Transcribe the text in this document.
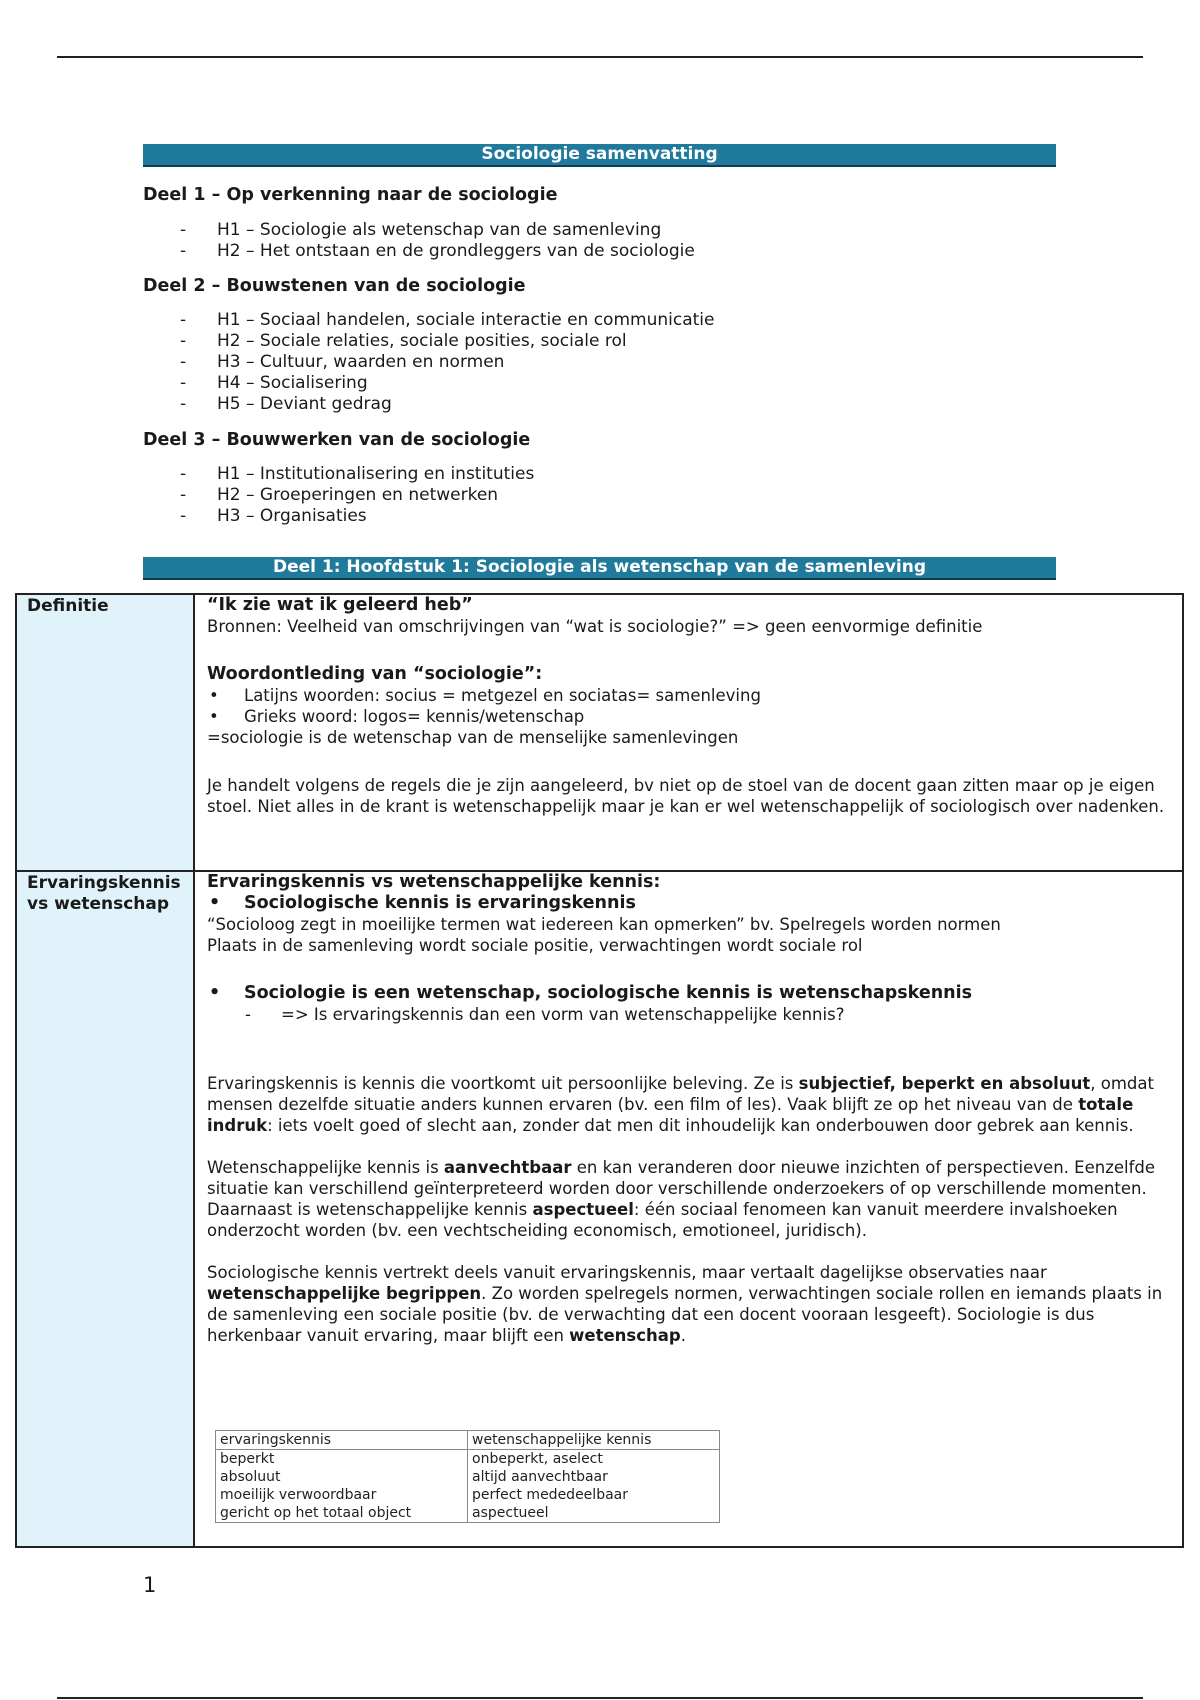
Sociologie samenvatting

Deel 1 – Op verkenning naar de sociologie

- H1 – Sociologie als wetenschap van de samenleving
- H2 – Het ontstaan en de grondleggers van de sociologie

Deel 2 – Bouwstenen van de sociologie

- H1 – Sociaal handelen, sociale interactie en communicatie
- H2 – Sociale relaties, sociale posities, sociale rol
- H3 – Cultuur, waarden en normen
- H4 – Socialisering
- H5 – Deviant gedrag

Deel 3 – Bouwwerken van de sociologie

- H1 – Institutionalisering en instituties
- H2 – Groeperingen en netwerken
- H3 – Organisaties
Deel 1: Hoofdstuk 1: Sociologie als wetenschap van de samenleving
Definitie	“Ik zie wat ik geleerd heb”

Bronnen: Veelheid van omschrijvingen van “wat is sociologie?” => geen eenvormige definitie

Woordontleding van “sociologie”:

• Latijns woorden: socius = metgezel en sociatas= samenleving
• Grieks woord: logos= kennis/wetenschap

=sociologie is de wetenschap van de menselijke samenlevingen

Je handelt volgens de regels die je zijn aangeleerd, bv niet op de stoel van de docent gaan zitten maar op je eigen stoel. Niet alles in de krant is wetenschappelijk maar je kan er wel wetenschappelijk of sociologisch over nadenken.

Ervaringskennis vs wetenschap

Ervaringskennis vs wetenschappelijke kennis:

• Sociologische kennis is ervaringskennis

“Socioloog zegt in moeilijke termen wat iedereen kan opmerken” bv. Spelregels worden normen

Plaats in de samenleving wordt sociale positie, verwachtingen wordt sociale rol

• Sociologie is een wetenschap, sociologische kennis is wetenschapskennis
- => Is ervaringskennis dan een vorm van wetenschappelijke kennis?

Ervaringskennis is kennis die voortkomt uit persoonlijke beleving. Ze is subjectief, beperkt en absoluut, omdat mensen dezelfde situatie anders kunnen ervaren (bv. een film of les). Vaak blijft ze op het niveau van de totale indruk: iets voelt goed of slecht aan, zonder dat men dit inhoudelijk kan onderbouwen door gebrek aan kennis.

Wetenschappelijke kennis is aanvechtbaar en kan veranderen door nieuwe inzichten of perspectieven. Eenzelfde situatie kan verschillend geïnterpreteerd worden door verschillende onderzoekers of op verschillende momenten. Daarnaast is wetenschappelijke kennis aspectueel: één sociaal fenomeen kan vanuit meerdere invalshoeken onderzocht worden (bv. een vechtscheiding economisch, emotioneel, juridisch).

Sociologische kennis vertrekt deels vanuit ervaringskennis, maar vertaalt dagelijkse observaties naar wetenschappelijke begrippen. Zo worden spelregels normen, verwachtingen sociale rollen en iemands plaats in de samenleving een sociale positie (bv. de verwachting dat een docent vooraan lesgeeft). Sociologie is dus herkenbaar vanuit ervaring, maar blijft een wetenschap.

ervaringskennis	wetenschappelijke kennis
beperkt	onbeperkt, aselect
absoluut	altijd aanvechtbaar
moeilijk verwoordbaar	perfect mededeelbaar
gericht op het totaal object	aspectueel
1
